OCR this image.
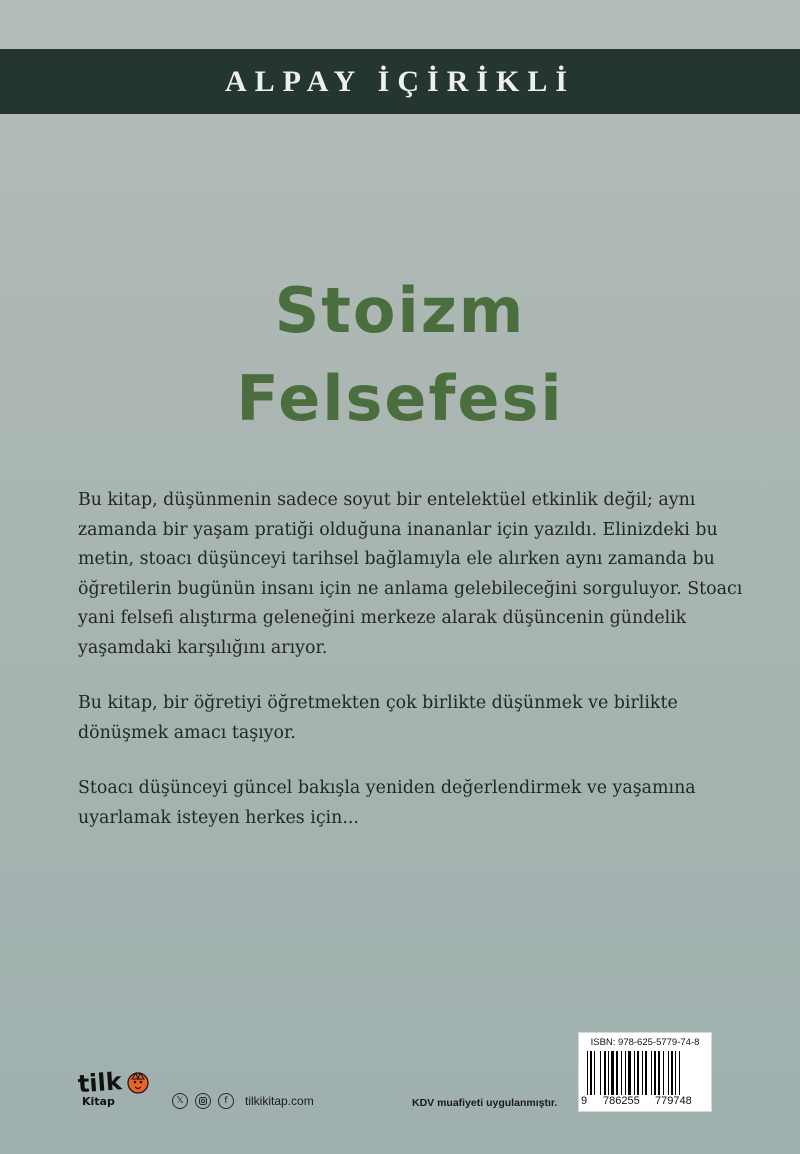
ALPAY İÇİRİKLİ
Stoizm
Felsefesi

Bu kitap, düşünmenin sadece soyut bir entelektüel etkinlik değil; aynı zamanda bir yaşam pratiği olduğuna inananlar için yazıldı. Elinizdeki bu metin, stoacı düşünceyi tarihsel bağlamıyla ele alırken aynı zamanda bu öğretilerin bugünün insanı için ne anlama gelebileceğini sorguluyor. Stoacı yani felsefi alıştırma geleneğini merkeze alarak düşüncenin gündelik yaşamdaki karşılığını arıyor.

Bu kitap, bir öğretiyi öğretmekten çok birlikte düşünmek ve birlikte dönüşmek amacı taşıyor.

Stoacı düşünceyi güncel bakışla yeniden değerlendirmek ve yaşamına uyarlamak isteyen herkes için...

tilk
Kitap	𝕏	f	tilkikitap.com	KDV muafiyeti uygulanmıştır.
ISBN: 978-625-5779-74-8
9 786255 779748
